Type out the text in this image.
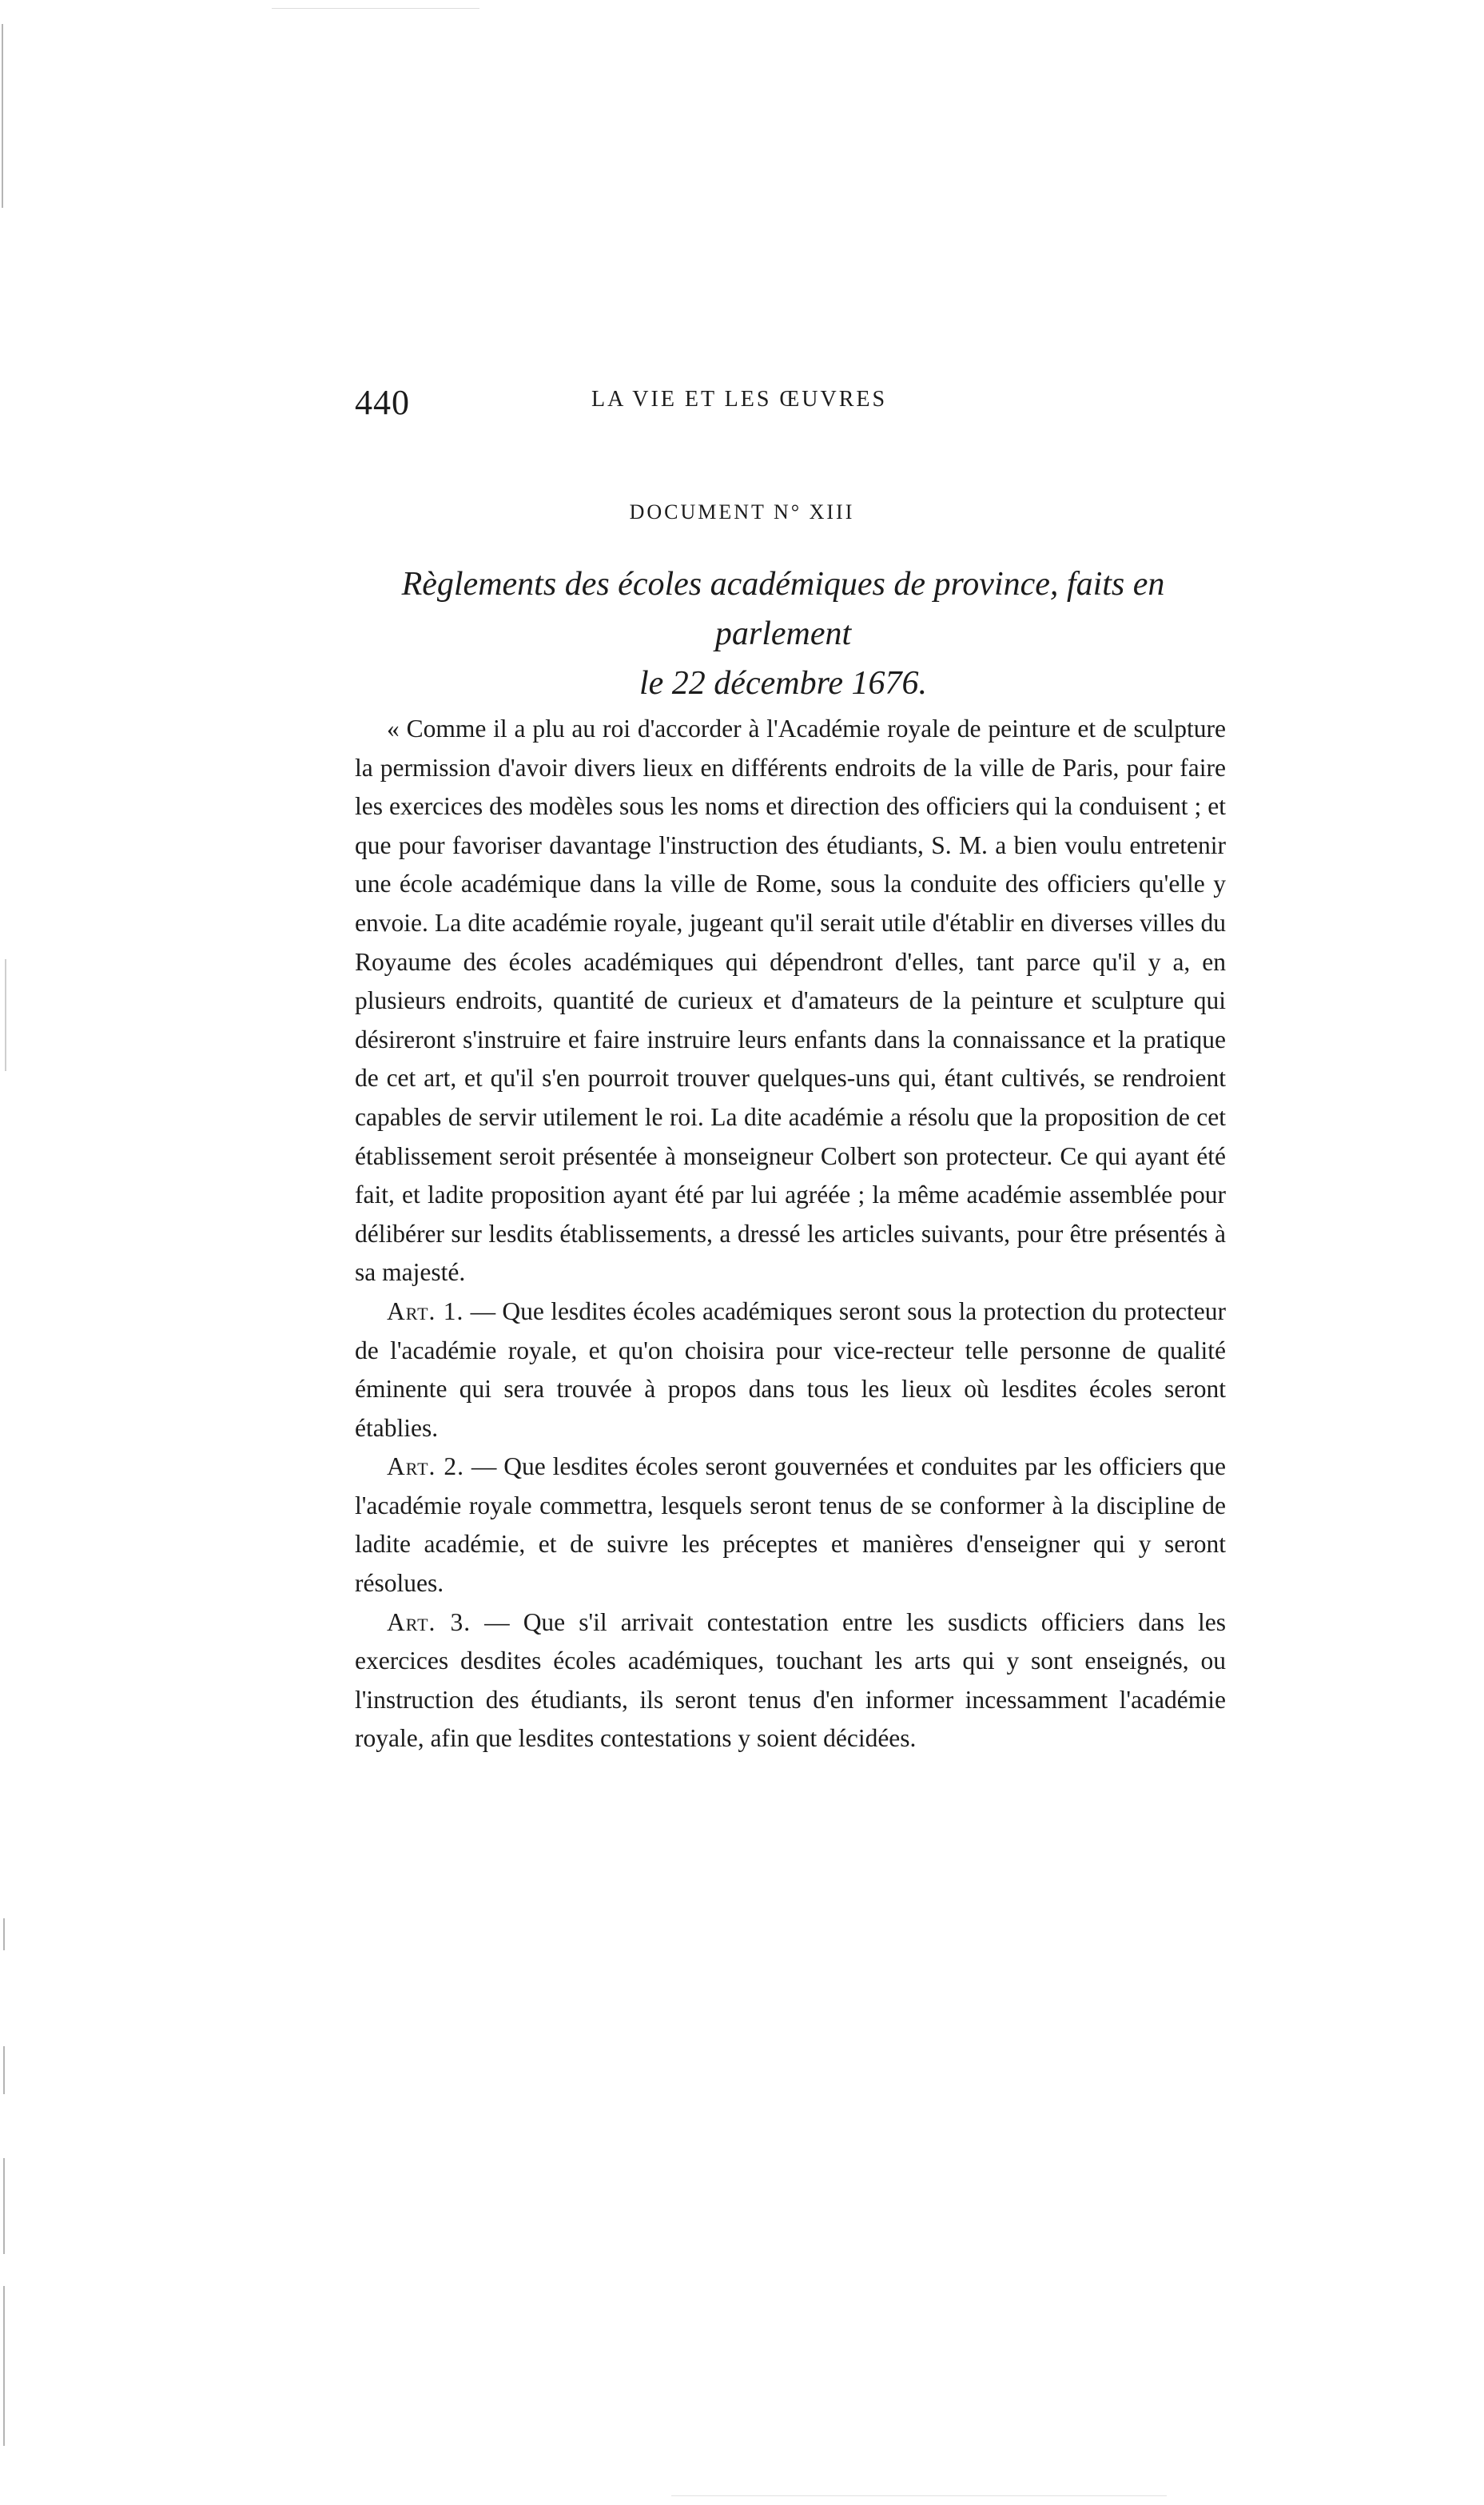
440	LA VIE ET LES ŒUVRES
DOCUMENT N° XIII
Règlements des écoles académiques de province, faits en parlement
le 22 décembre 1676.

« Comme il a plu au roi d'accorder à l'Académie royale de peinture et de sculpture la permission d'avoir divers lieux en différents endroits de la ville de Paris, pour faire les exercices des modèles sous les noms et direction des officiers qui la conduisent ; et que pour favoriser davantage l'instruction des étudiants, S. M. a bien voulu entretenir une école académique dans la ville de Rome, sous la conduite des officiers qu'elle y envoie. La dite académie royale, jugeant qu'il serait utile d'établir en diverses villes du Royaume des écoles académiques qui dépendront d'elles, tant parce qu'il y a, en plusieurs endroits, quantité de curieux et d'amateurs de la peinture et sculpture qui désireront s'instruire et faire instruire leurs enfants dans la connaissance et la pratique de cet art, et qu'il s'en pourroit trouver quelques-uns qui, étant cultivés, se rendroient capables de servir utilement le roi. La dite académie a résolu que la proposition de cet établissement seroit présentée à monseigneur Colbert son protecteur. Ce qui ayant été fait, et ladite proposition ayant été par lui agréée ; la même académie assemblée pour délibérer sur lesdits établissements, a dressé les articles suivants, pour être présentés à sa majesté.

Art. 1. — Que lesdites écoles académiques seront sous la protection du protecteur de l'académie royale, et qu'on choisira pour vice-recteur telle personne de qualité éminente qui sera trouvée à propos dans tous les lieux où lesdites écoles seront établies.

Art. 2. — Que lesdites écoles seront gouvernées et conduites par les officiers que l'académie royale commettra, lesquels seront tenus de se conformer à la discipline de ladite académie, et de suivre les préceptes et manières d'enseigner qui y seront résolues.

Art. 3. — Que s'il arrivait contestation entre les susdicts officiers dans les exercices desdites écoles académiques, touchant les arts qui y sont enseignés, ou l'instruction des étudiants, ils seront tenus d'en informer incessamment l'académie royale, afin que lesdites contestations y soient décidées.
